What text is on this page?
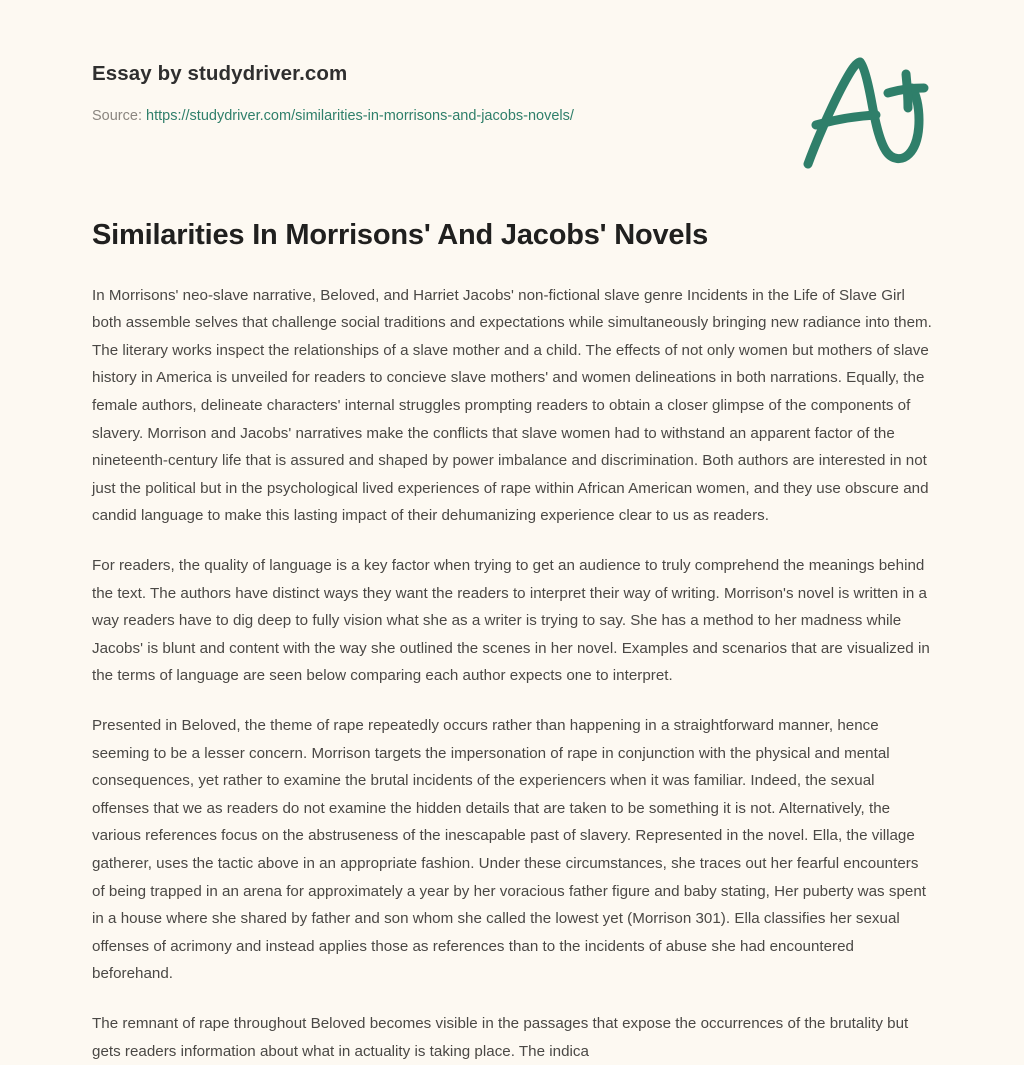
Essay by studydriver.com
Source: https://studydriver.com/similarities-in-morrisons-and-jacobs-novels/
Similarities In Morrisons' And Jacobs' Novels

In Morrisons' neo-slave narrative, Beloved, and Harriet Jacobs' non-fictional slave genre Incidents in the Life of Slave Girl both assemble selves that challenge social traditions and expectations while simultaneously bringing new radiance into them. The literary works inspect the relationships of a slave mother and a child. The effects of not only women but mothers of slave history in America is unveiled for readers to concieve slave mothers' and women delineations in both narrations. Equally, the female authors, delineate characters' internal struggles prompting readers to obtain a closer glimpse of the components of slavery. Morrison and Jacobs' narratives make the conflicts that slave women had to withstand an apparent factor of the nineteenth-century life that is assured and shaped by power imbalance and discrimination. Both authors are interested in not just the political but in the psychological lived experiences of rape within African American women, and they use obscure and candid language to make this lasting impact of their dehumanizing experience clear to us as readers.

For readers, the quality of language is a key factor when trying to get an audience to truly comprehend the meanings behind the text. The authors have distinct ways they want the readers to interpret their way of writing. Morrison's novel is written in a way readers have to dig deep to fully vision what she as a writer is trying to say. She has a method to her madness while Jacobs' is blunt and content with the way she outlined the scenes in her novel. Examples and scenarios that are visualized in the terms of language are seen below comparing each author expects one to interpret.

Presented in Beloved, the theme of rape repeatedly occurs rather than happening in a straightforward manner, hence seeming to be a lesser concern. Morrison targets the impersonation of rape in conjunction with the physical and mental consequences, yet rather to examine the brutal incidents of the experiencers when it was familiar. Indeed, the sexual offenses that we as readers do not examine the hidden details that are taken to be something it is not. Alternatively, the various references focus on the abstruseness of the inescapable past of slavery. Represented in the novel. Ella, the village gatherer, uses the tactic above in an appropriate fashion. Under these circumstances, she traces out her fearful encounters of being trapped in an arena for approximately a year by her voracious father figure and baby stating, Her puberty was spent in a house where she shared by father and son whom she called the lowest yet (Morrison 301). Ella classifies her sexual offenses of acrimony and instead applies those as references than to the incidents of abuse she had encountered beforehand.

The remnant of rape throughout Beloved becomes visible in the passages that expose the occurrences of the brutality but gets readers information about what in actuality is taking place. The indica
